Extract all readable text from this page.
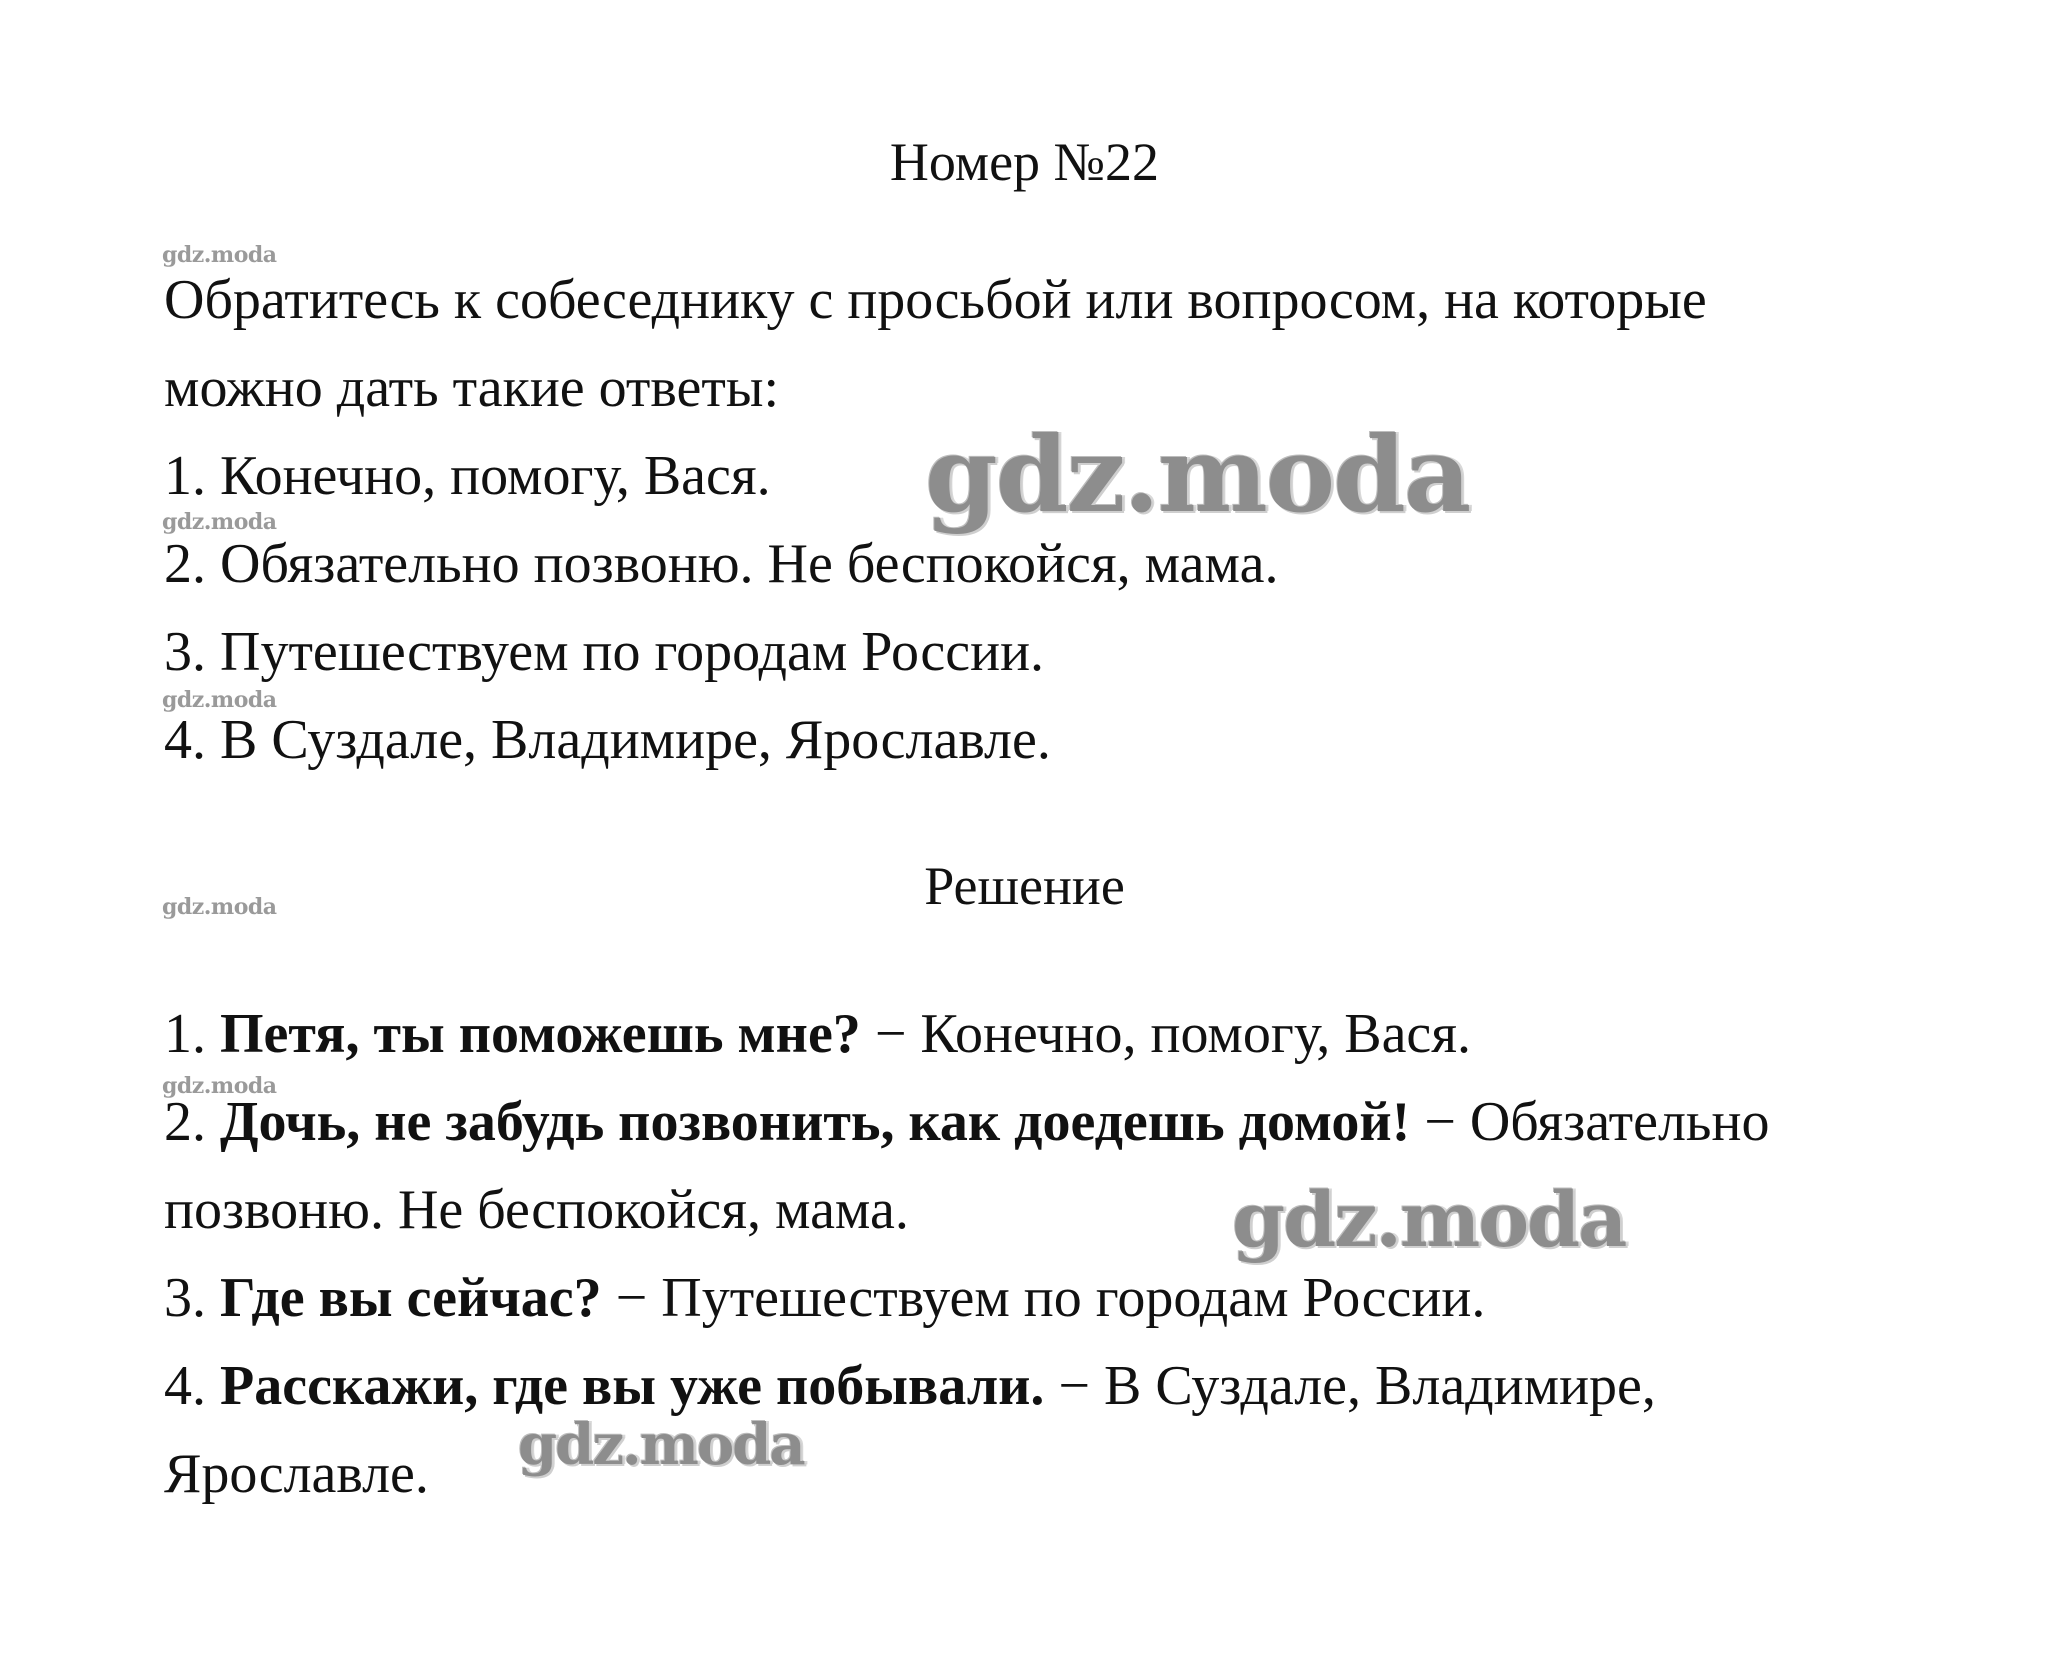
Номер №22
gdz.moda
gdz.moda
gdz.moda
gdz.moda
gdz.moda
Обратитесь к собеседнику с просьбой или вопросом, на которые
можно дать такие ответы:
1. Конечно, помогу, Вася.
2. Обязательно позвоню. Не беспокойся, мама.
3. Путешествуем по городам России.
4. В Суздале, Владимире, Ярославле.
gdz.moda
Решение
1. Петя, ты поможешь мне? − Конечно, помогу, Вася.
2. Дочь, не забудь позвонить, как доедешь домой! − Обязательно
позвоню. Не беспокойся, мама.
3. Где вы сейчас? − Путешествуем по городам России.
4. Расскажи, где вы уже побывали. − В Суздале, Владимире,
Ярославле.
gdz.moda
gdz.moda
